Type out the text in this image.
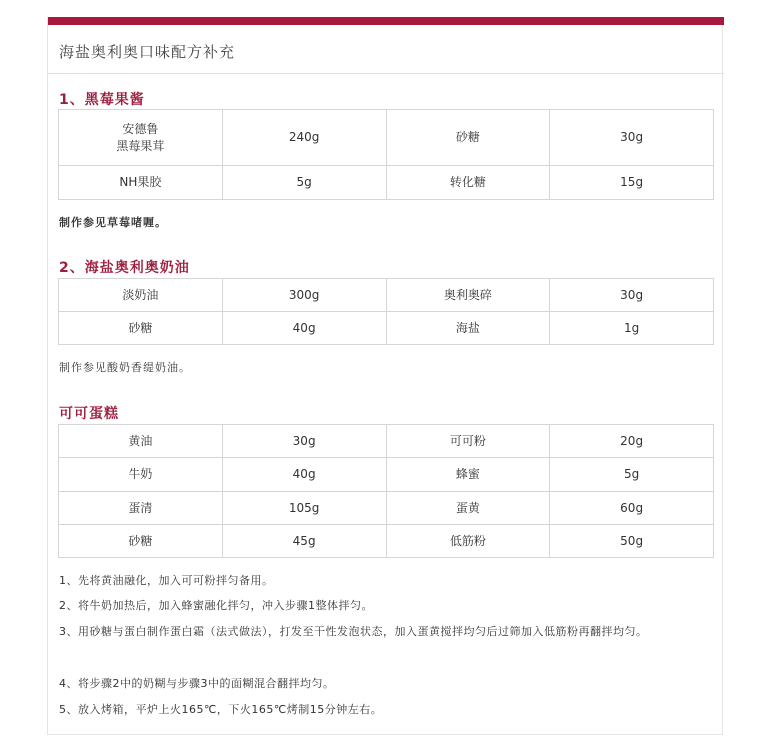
海盐奥利奥口味配方补充
1、黑莓果酱
安德鲁
黑莓果茸	240g	砂糖	30g
NH果胶	5g	转化糖	15g
制作参见草莓啫喱。
2、海盐奥利奥奶油
淡奶油	300g	奥利奥碎	30g
砂糖	40g	海盐	1g
制作参见酸奶香缇奶油。
可可蛋糕
黄油	30g	可可粉	20g
牛奶	40g	蜂蜜	5g
蛋清	105g	蛋黄	60g
砂糖	45g	低筋粉	50g
1、先将黄油融化，加入可可粉拌匀备用。
2、将牛奶加热后，加入蜂蜜融化拌匀，冲入步骤1整体拌匀。
3、用砂糖与蛋白制作蛋白霜（法式做法），打发至干性发泡状态，加入蛋黄搅拌均匀后过筛加入低筋粉再翻拌均匀。
4、将步骤2中的奶糊与步骤3中的面糊混合翻拌均匀。
5、放入烤箱，平炉上火165℃，下火165℃烤制15分钟左右。
